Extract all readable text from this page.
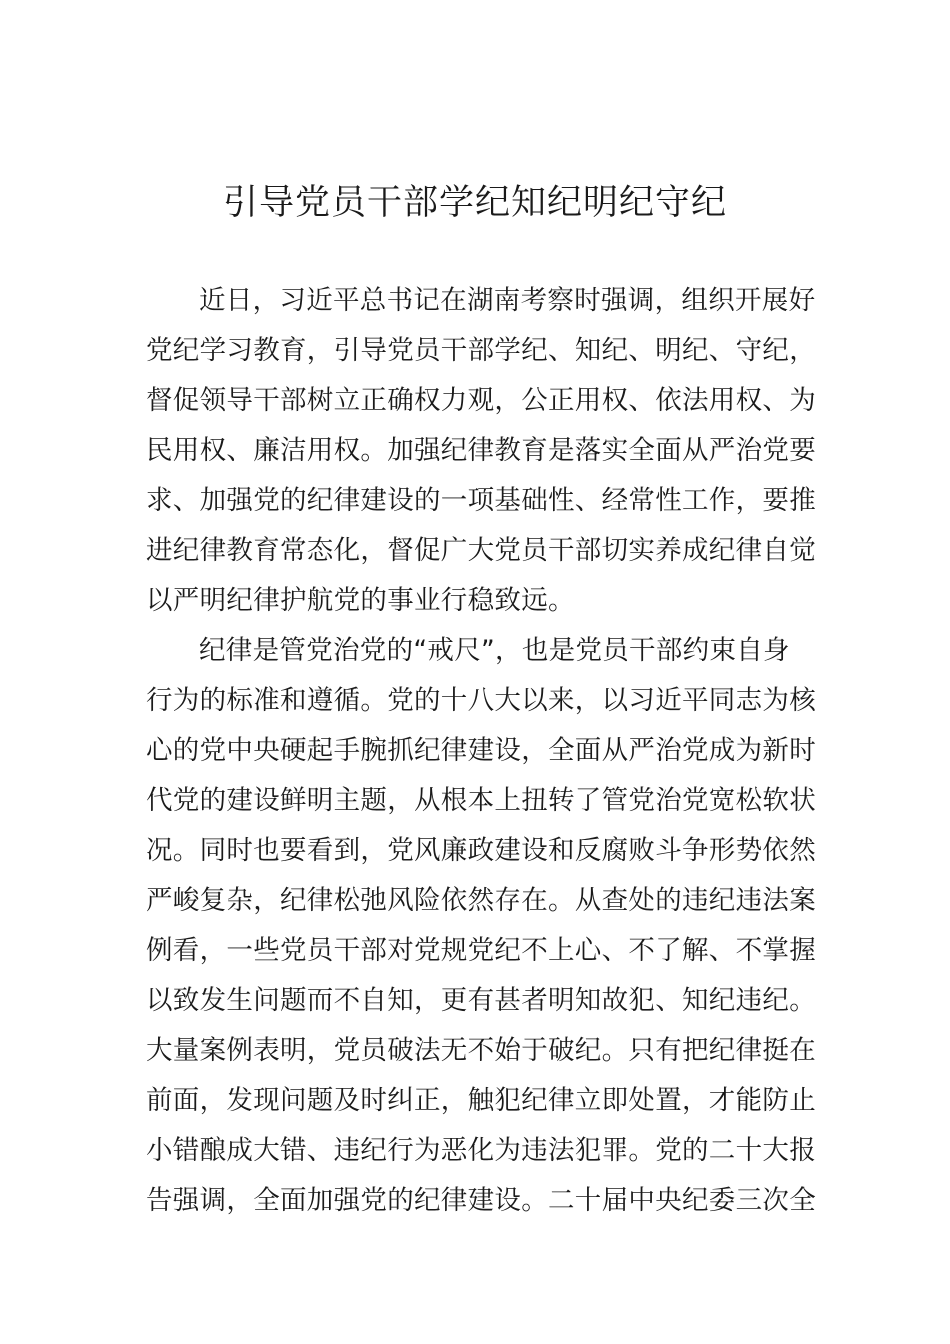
引导党员干部学纪知纪明纪守纪

近日，习近平总书记在湖南考察时强调，组织开展好
党纪学习教育，引导党员干部学纪、知纪、明纪、守纪，
督促领导干部树立正确权力观，公正用权、依法用权、为
民用权、廉洁用权。加强纪律教育是落实全面从严治党要
求、加强党的纪律建设的一项基础性、经常性工作，要推
进纪律教育常态化，督促广大党员干部切实养成纪律自觉
以严明纪律护航党的事业行稳致远。

纪律是管党治党的“戒尺”，也是党员干部约束自身
行为的标准和遵循。党的十八大以来，以习近平同志为核
心的党中央硬起手腕抓纪律建设，全面从严治党成为新时
代党的建设鲜明主题，从根本上扭转了管党治党宽松软状
况。同时也要看到，党风廉政建设和反腐败斗争形势依然
严峻复杂，纪律松弛风险依然存在。从查处的违纪违法案
例看，一些党员干部对党规党纪不上心、不了解、不掌握
以致发生问题而不自知，更有甚者明知故犯、知纪违纪。
大量案例表明，党员破法无不始于破纪。只有把纪律挺在
前面，发现问题及时纠正，触犯纪律立即处置，才能防止
小错酿成大错、违纪行为恶化为违法犯罪。党的二十大报
告强调，全面加强党的纪律建设。二十届中央纪委三次全
